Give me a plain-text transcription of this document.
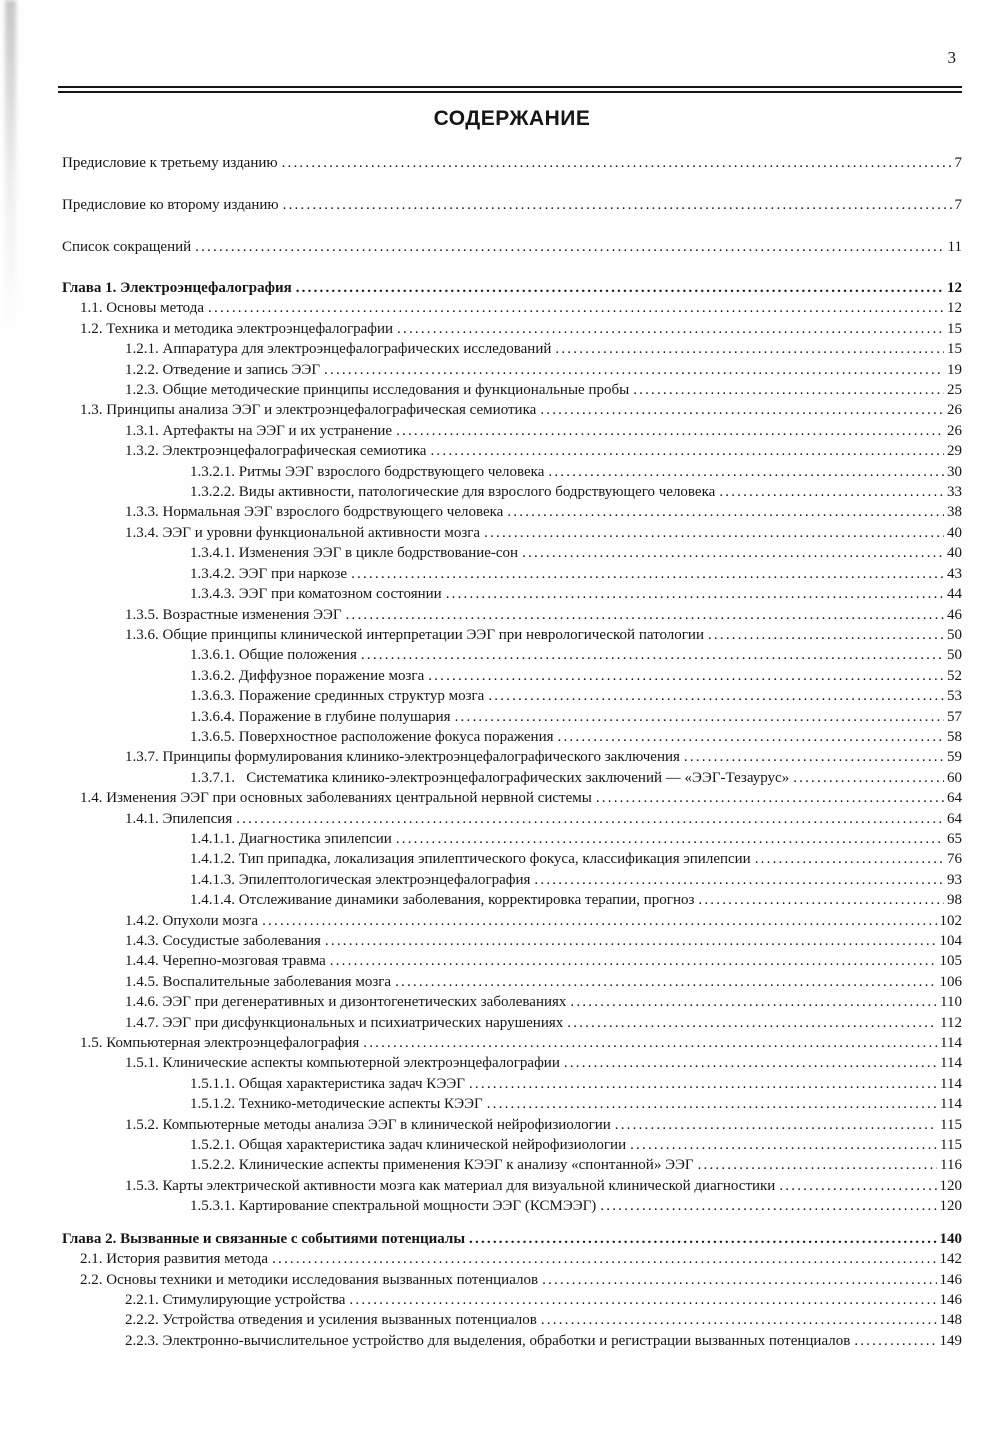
3
СОДЕРЖАНИЕ
Предисловие к третьему изданию .....	7
Предисловие ко второму изданию .....	7
Список сокращений .....	11
Глава 1. Электроэнцефалография .....	12
1.1. Основы метода .....	12
1.2. Техника и методика электроэнцефалографии .....	15
1.2.1. Аппаратура для электроэнцефалографических исследований .....	15
1.2.2. Отведение и запись ЭЭГ .....	19
1.2.3. Общие методические принципы исследования и функциональные пробы .....	25
1.3. Принципы анализа ЭЭГ и электроэнцефалографическая семиотика .....	26
1.3.1. Артефакты на ЭЭГ и их устранение .....	26
1.3.2. Электроэнцефалографическая семиотика .....	29
1.3.2.1. Ритмы ЭЭГ взрослого бодрствующего человека .....	30
1.3.2.2. Виды активности, патологические для взрослого бодрствующего человека .....	33
1.3.3. Нормальная ЭЭГ взрослого бодрствующего человека .....	38
1.3.4. ЭЭГ и уровни функциональной активности мозга .....	40
1.3.4.1. Изменения ЭЭГ в цикле бодрствование-сон .....	40
1.3.4.2. ЭЭГ при наркозе .....	43
1.3.4.3. ЭЭГ при коматозном состоянии .....	44
1.3.5. Возрастные изменения ЭЭГ .....	46
1.3.6. Общие принципы клинической интерпретации ЭЭГ при неврологической патологии .....	50
1.3.6.1. Общие положения .....	50
1.3.6.2. Диффузное поражение мозга .....	52
1.3.6.3. Поражение срединных структур мозга .....	53
1.3.6.4. Поражение в глубине полушария .....	57
1.3.6.5. Поверхностное расположение фокуса поражения .....	58
1.3.7. Принципы формулирования клинико-электроэнцефалографического заключения .....	59
1.3.7.1.   Систематика клинико-электроэнцефалографических заключений — «ЭЭГ-Тезаурус» .....	60
1.4. Изменения ЭЭГ при основных заболеваниях центральной нервной системы .....	64
1.4.1. Эпилепсия .....	64
1.4.1.1. Диагностика эпилепсии .....	65
1.4.1.2. Тип припадка, локализация эпилептического фокуса, классификация эпилепсии .....	76
1.4.1.3. Эпилептологическая электроэнцефалография .....	93
1.4.1.4. Отслеживание динамики заболевания, корректировка терапии, прогноз .....	98
1.4.2. Опухоли мозга .....	102
1.4.3. Сосудистые заболевания .....	104
1.4.4. Черепно-мозговая травма .....	105
1.4.5. Воспалительные заболевания мозга .....	106
1.4.6. ЭЭГ при дегенеративных и дизонтогенетических заболеваниях .....	110
1.4.7. ЭЭГ при дисфункциональных и психиатрических нарушениях .....	112
1.5. Компьютерная электроэнцефалография .....	114
1.5.1. Клинические аспекты компьютерной электроэнцефалографии .....	114
1.5.1.1. Общая характеристика задач КЭЭГ .....	114
1.5.1.2. Технико-методические аспекты КЭЭГ .....	114
1.5.2. Компьютерные методы анализа ЭЭГ в клинической нейрофизиологии .....	115
1.5.2.1. Общая характеристика задач клинической нейрофизиологии .....	115
1.5.2.2. Клинические аспекты применения КЭЭГ к анализу «спонтанной» ЭЭГ .....	116
1.5.3. Карты электрической активности мозга как материал для визуальной клинической диагностики .....	120
1.5.3.1. Картирование спектральной мощности ЭЭГ (КСМЭЭГ) .....	120
Глава 2. Вызванные и связанные с событиями потенциалы .....	140
2.1. История развития метода .....	142
2.2. Основы техники и методики исследования вызванных потенциалов .....	146
2.2.1. Стимулирующие устройства .....	146
2.2.2. Устройства отведения и усиления вызванных потенциалов .....	148
2.2.3. Электронно-вычислительное устройство для выделения, обработки и регистрации вызванных потенциалов .....	149
